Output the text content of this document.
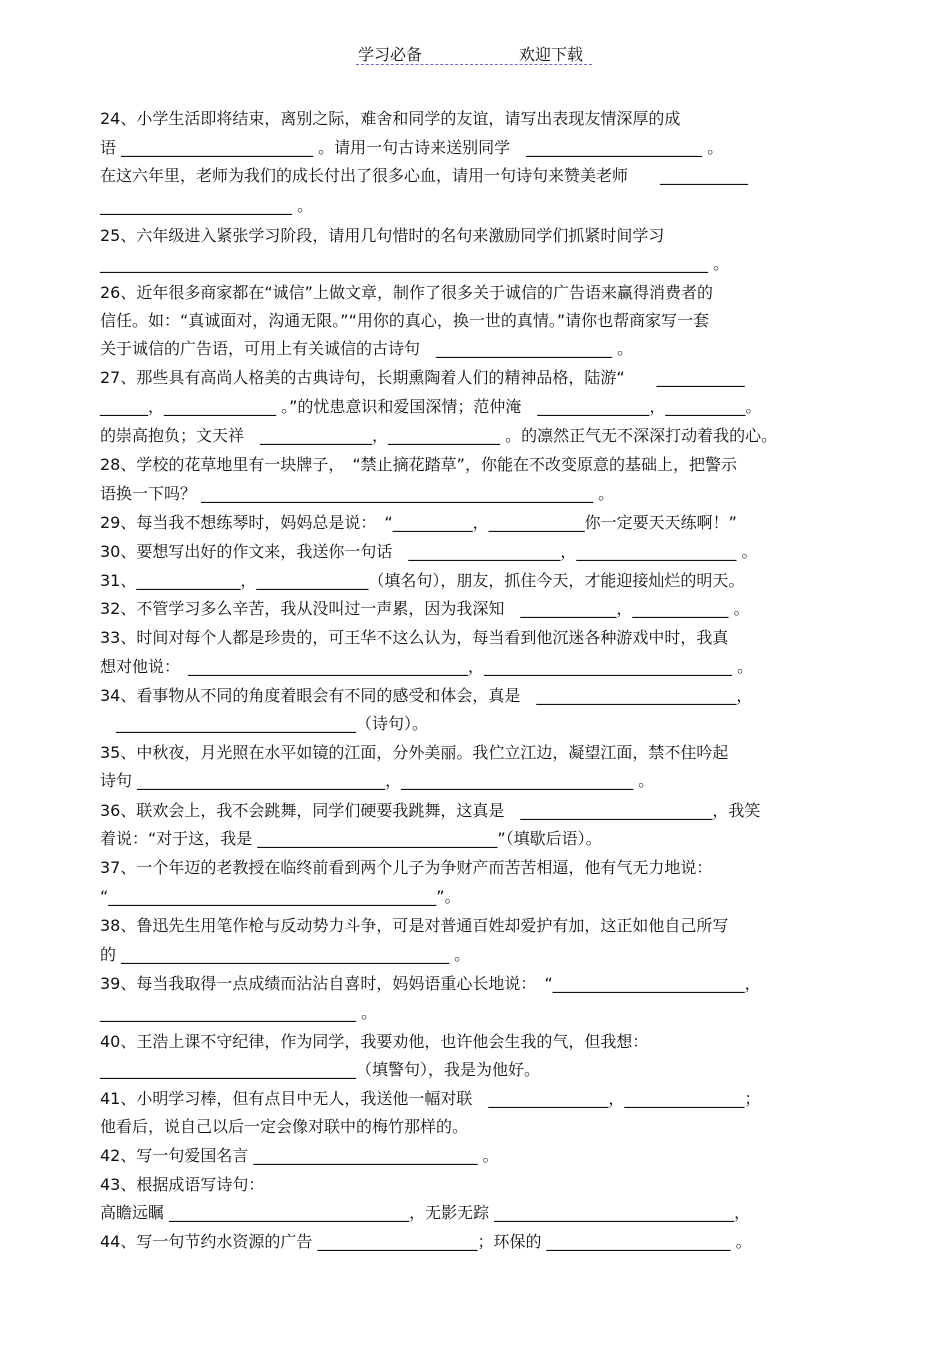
学习必备	欢迎下载
24、小学生活即将结束，离别之际，难舍和同学的友谊，请写出表现友情深厚的成
语 ________________________ 。请用一句古诗来送别同学　______________________ 。
在这六年里，老师为我们的成长付出了很多心血，请用一句诗句来赞美老师　　___________
________________________ 。
25、六年级进入紧张学习阶段，请用几句惜时的名句来激励同学们抓紧时间学习
____________________________________________________________________________ 。
26、近年很多商家都在“诚信”上做文章，制作了很多关于诚信的广告语来赢得消费者的
信任。如：“真诚面对，沟通无限。”“用你的真心，换一世的真情。”请你也帮商家写一套
关于诚信的广告语，可用上有关诚信的古诗句　______________________ 。
27、那些具有高尚人格美的古典诗句，长期熏陶着人们的精神品格，陆游“　　___________
______，______________ 。”的忧患意识和爱国深情；范仲淹　______________，__________。
的崇高抱负；文天祥　______________，______________ 。的凛然正气无不深深打动着我的心。
28、学校的花草地里有一块牌子，　“禁止摘花踏草”，你能在不改变原意的基础上，把警示
语换一下吗？ _________________________________________________ 。
29、每当我不想练琴时，妈妈总是说：　“__________，____________你一定要天天练啊！”
30、要想写出好的作文来，我送你一句话　___________________，____________________ 。
31、_____________，______________（填名句），朋友，抓住今天，才能迎接灿烂的明天。
32、不管学习多么辛苦，我从没叫过一声累，因为我深知　____________，____________ 。
33、时间对每个人都是珍贵的，可王华不这么认为，每当看到他沉迷各种游戏中时，我真
想对他说：　___________________________________，_______________________________ 。
34、看事物从不同的角度着眼会有不同的感受和体会，真是　_________________________，
　______________________________（诗句）。
35、中秋夜，月光照在水平如镜的江面，分外美丽。我伫立江边，凝望江面，禁不住吟起
诗句 _______________________________，_____________________________ 。
36、联欢会上，我不会跳舞，同学们硬要我跳舞，这真是　________________________，我笑
着说：“对于这，我是 ______________________________”（填歇后语）。
37、一个年迈的老教授在临终前看到两个儿子为争财产而苦苦相逼，他有气无力地说：
“_________________________________________”。
38、鲁迅先生用笔作枪与反动势力斗争，可是对普通百姓却爱护有加，这正如他自己所写
的 _________________________________________ 。
39、每当我取得一点成绩而沾沾自喜时，妈妈语重心长地说：　“________________________，
________________________________ 。
40、王浩上课不守纪律，作为同学，我要劝他，也许他会生我的气，但我想：
________________________________（填警句），我是为他好。
41、小明学习棒，但有点目中无人，我送他一幅对联　_______________，_______________；
他看后，说自己以后一定会像对联中的梅竹那样的。
42、写一句爱国名言 ____________________________ 。
43、根据成语写诗句：
高瞻远瞩 ______________________________，无影无踪 ______________________________，
44、写一句节约水资源的广告 ____________________；环保的 _______________________ 。
